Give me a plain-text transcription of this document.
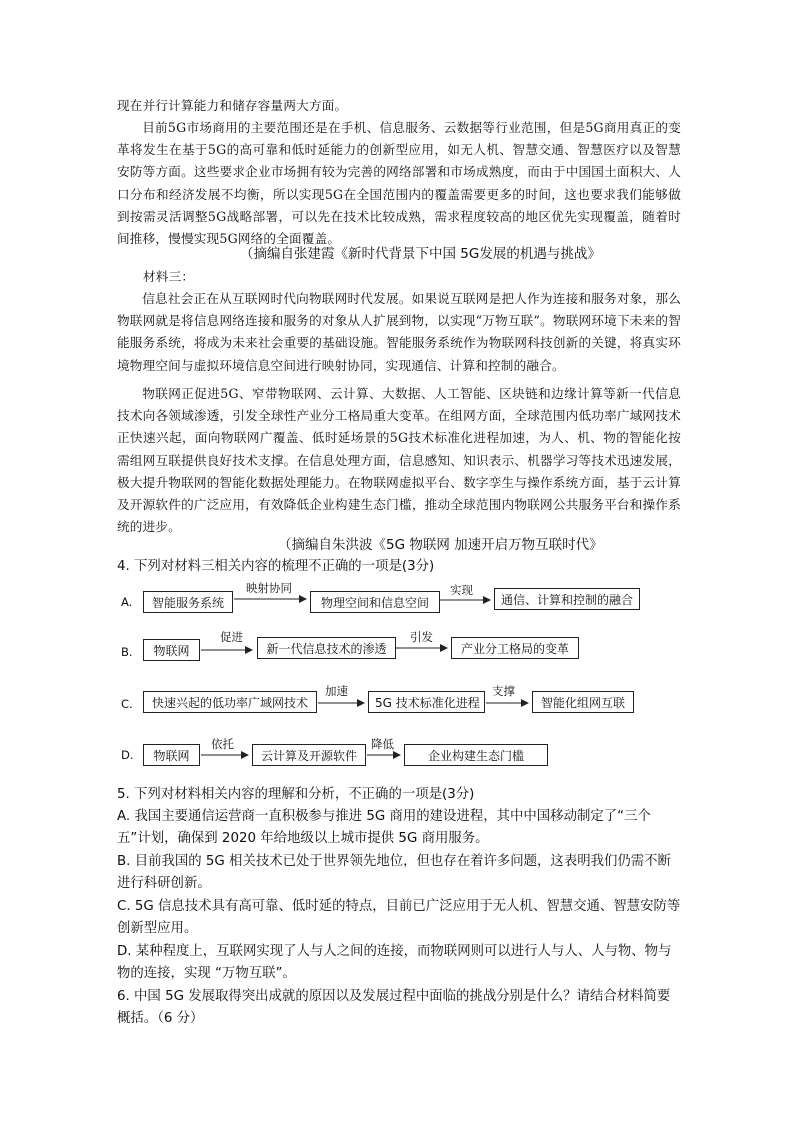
现在并行计算能力和储存容量两大方面。
目前5G市场商用的主要范围还是在手机、信息服务、云数据等行业范围，但是5G商用真正的变革将发生在基于5G的高可靠和低时延能力的创新型应用，如无人机、智慧交通、智慧医疗以及智慧安防等方面。这些要求企业市场拥有较为完善的网络部署和市场成熟度，而由于中国国土面积大、人口分布和经济发展不均衡，所以实现5G在全国范围内的覆盖需要更多的时间，这也要求我们能够做到按需灵活调整5G战略部署，可以先在技术比较成熟，需求程度较高的地区优先实现覆盖，随着时间推移，慢慢实现5G网络的全面覆盖。
（摘编自张建霞《新时代背景下中国 5G发展的机遇与挑战》
材料三：
信息社会正在从互联网时代向物联网时代发展。如果说互联网是把人作为连接和服务对象，那么物联网就是将信息网络连接和服务的对象从人扩展到物，以实现“万物互联”。物联网环境下未来的智能服务系统，将成为未来社会重要的基础设施。智能服务系统作为物联网科技创新的关键，将真实环境物理空间与虚拟环境信息空间进行映射协同，实现通信、计算和控制的融合。
物联网正促进5G、窄带物联网、云计算、大数据、人工智能、区块链和边缘计算等新一代信息技术向各领域渗透，引发全球性产业分工格局重大变革。在组网方面，全球范围内低功率广域网技术正快速兴起，面向物联网广覆盖、低时延场景的5G技术标准化进程加速，为人、机、物的智能化按需组网互联提供良好技术支撑。在信息处理方面，信息感知、知识表示、机器学习等技术迅速发展，极大提升物联网的智能化数据处理能力。在物联网虚拟平台、数字孪生与操作系统方面，基于云计算及开源软件的广泛应用，有效降低企业构建生态门槛，推动全球范围内物联网公共服务平台和操作系统的进步。
（摘编自朱洪波《5G 物联网 加速开启万物互联时代》
4. 下列对材料三相关内容的梳理不正确的一项是(3分)
A.	智能服务系统
映射协同
物理空间和信息空间
实现
通信、计算和控制的融合
B.	物联网
促进
新一代信息技术的渗透
引发
产业分工格局的变革
C.	快速兴起的低功率广域网技术
加速
5G 技术标准化进程
支撑
智能化组网互联
D.	物联网
依托
云计算及开源软件
降低
企业构建生态门槛
5. 下列对材料相关内容的理解和分析，不正确的一项是(3分)
A. 我国主要通信运营商一直积极参与推进 5G 商用的建设进程，其中中国移动制定了“三个五”计划，确保到 2020 年给地级以上城市提供 5G 商用服务。
B. 目前我国的 5G 相关技术已处于世界领先地位，但也存在着许多问题，这表明我们仍需不断进行科研创新。
C. 5G 信息技术具有高可靠、低时延的特点，目前已广泛应用于无人机、智慧交通、智慧安防等创新型应用。
D. 某种程度上，互联网实现了人与人之间的连接，而物联网则可以进行人与人、人与物、物与物的连接，实现 “万物互联”。
6. 中国 5G 发展取得突出成就的原因以及发展过程中面临的挑战分别是什么？请结合材料简要概括。（6 分）
